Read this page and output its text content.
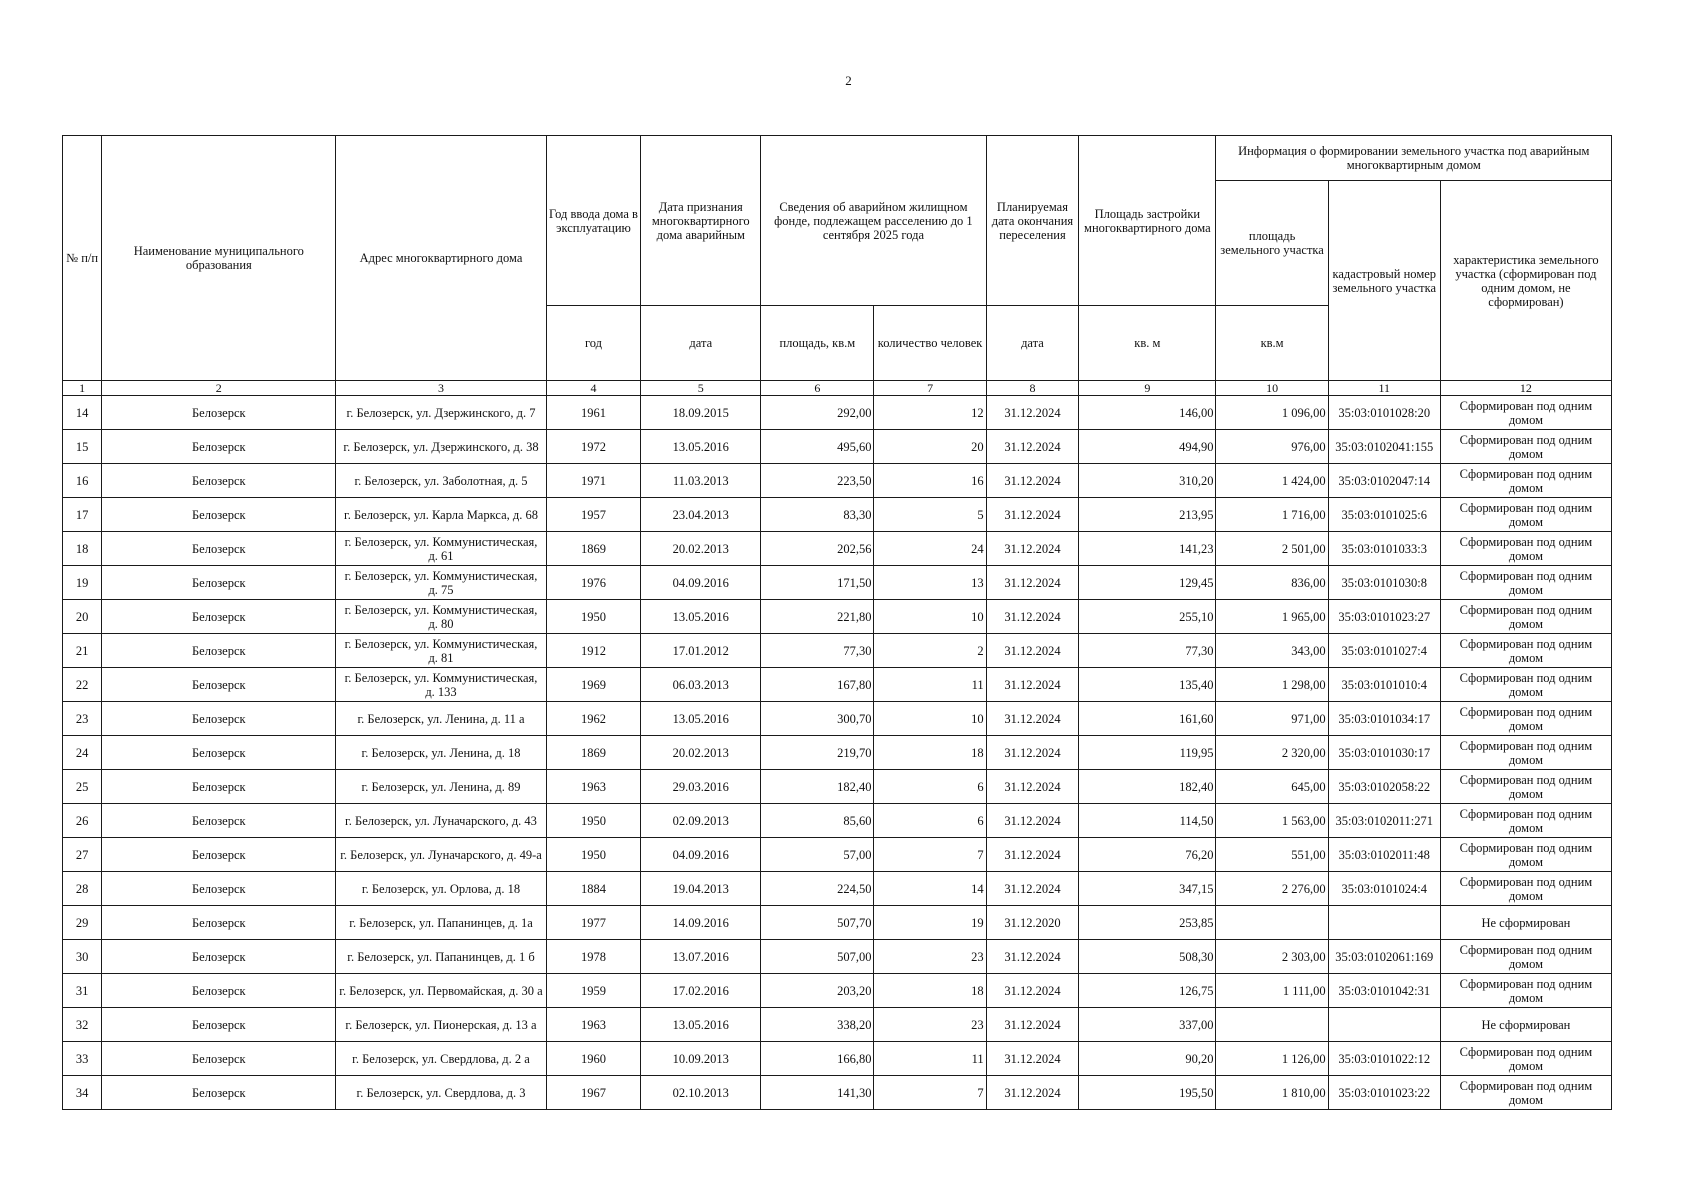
2
№ п/п	Наименование муниципального образования	Адрес многоквартирного дома	Год ввода дома в эксплуатацию	Дата признания многоквартирного дома аварийным	Сведения об аварийном жилищном фонде, подлежащем расселению до 1 сентября 2025 года		Планируемая дата окончания переселения	Площадь застройки многоквартирного дома	Информация о формировании земельного участка под аварийным многоквартирным домом		
									площадь земельного участка	кадастровый номер земельного участка	характеристика земельного участка (сформирован под одним домом, не сформирован)
			год	дата	площадь, кв.м	количество человек	дата	кв. м	кв.м		
1	2	3	4	5	6	7	8	9	10	11	12
14	Белозерск	г. Белозерск, ул. Дзержинского, д. 7	1961	18.09.2015	292,00	12	31.12.2024	146,00	1 096,00	35:03:0101028:20	Сформирован под одним домом
15	Белозерск	г. Белозерск, ул. Дзержинского, д. 38	1972	13.05.2016	495,60	20	31.12.2024	494,90	976,00	35:03:0102041:155	Сформирован под одним домом
16	Белозерск	г. Белозерск, ул. Заболотная, д. 5	1971	11.03.2013	223,50	16	31.12.2024	310,20	1 424,00	35:03:0102047:14	Сформирован под одним домом
17	Белозерск	г. Белозерск, ул. Карла Маркса, д. 68	1957	23.04.2013	83,30	5	31.12.2024	213,95	1 716,00	35:03:0101025:6	Сформирован под одним домом
18	Белозерск	г. Белозерск, ул. Коммунистическая, д. 61	1869	20.02.2013	202,56	24	31.12.2024	141,23	2 501,00	35:03:0101033:3	Сформирован под одним домом
19	Белозерск	г. Белозерск, ул. Коммунистическая, д. 75	1976	04.09.2016	171,50	13	31.12.2024	129,45	836,00	35:03:0101030:8	Сформирован под одним домом
20	Белозерск	г. Белозерск, ул. Коммунистическая, д. 80	1950	13.05.2016	221,80	10	31.12.2024	255,10	1 965,00	35:03:0101023:27	Сформирован под одним домом
21	Белозерск	г. Белозерск, ул. Коммунистическая, д. 81	1912	17.01.2012	77,30	2	31.12.2024	77,30	343,00	35:03:0101027:4	Сформирован под одним домом
22	Белозерск	г. Белозерск, ул. Коммунистическая, д. 133	1969	06.03.2013	167,80	11	31.12.2024	135,40	1 298,00	35:03:0101010:4	Сформирован под одним домом
23	Белозерск	г. Белозерск, ул. Ленина, д. 11 а	1962	13.05.2016	300,70	10	31.12.2024	161,60	971,00	35:03:0101034:17	Сформирован под одним домом
24	Белозерск	г. Белозерск, ул. Ленина, д. 18	1869	20.02.2013	219,70	18	31.12.2024	119,95	2 320,00	35:03:0101030:17	Сформирован под одним домом
25	Белозерск	г. Белозерск, ул. Ленина, д. 89	1963	29.03.2016	182,40	6	31.12.2024	182,40	645,00	35:03:0102058:22	Сформирован под одним домом
26	Белозерск	г. Белозерск, ул. Луначарского, д. 43	1950	02.09.2013	85,60	6	31.12.2024	114,50	1 563,00	35:03:0102011:271	Сформирован под одним домом
27	Белозерск	г. Белозерск, ул. Луначарского, д. 49-а	1950	04.09.2016	57,00	7	31.12.2024	76,20	551,00	35:03:0102011:48	Сформирован под одним домом
28	Белозерск	г. Белозерск, ул. Орлова, д. 18	1884	19.04.2013	224,50	14	31.12.2024	347,15	2 276,00	35:03:0101024:4	Сформирован под одним домом
29	Белозерск	г. Белозерск, ул. Папанинцев, д. 1а	1977	14.09.2016	507,70	19	31.12.2020	253,85			Не сформирован
30	Белозерск	г. Белозерск, ул. Папанинцев, д. 1 б	1978	13.07.2016	507,00	23	31.12.2024	508,30	2 303,00	35:03:0102061:169	Сформирован под одним домом
31	Белозерск	г. Белозерск, ул. Первомайская, д. 30 а	1959	17.02.2016	203,20	18	31.12.2024	126,75	1 111,00	35:03:0101042:31	Сформирован под одним домом
32	Белозерск	г. Белозерск, ул. Пионерская, д. 13 а	1963	13.05.2016	338,20	23	31.12.2024	337,00			Не сформирован
33	Белозерск	г. Белозерск, ул. Свердлова, д. 2 а	1960	10.09.2013	166,80	11	31.12.2024	90,20	1 126,00	35:03:0101022:12	Сформирован под одним домом
34	Белозерск	г. Белозерск, ул. Свердлова, д. 3	1967	02.10.2013	141,30	7	31.12.2024	195,50	1 810,00	35:03:0101023:22	Сформирован под одним домом
